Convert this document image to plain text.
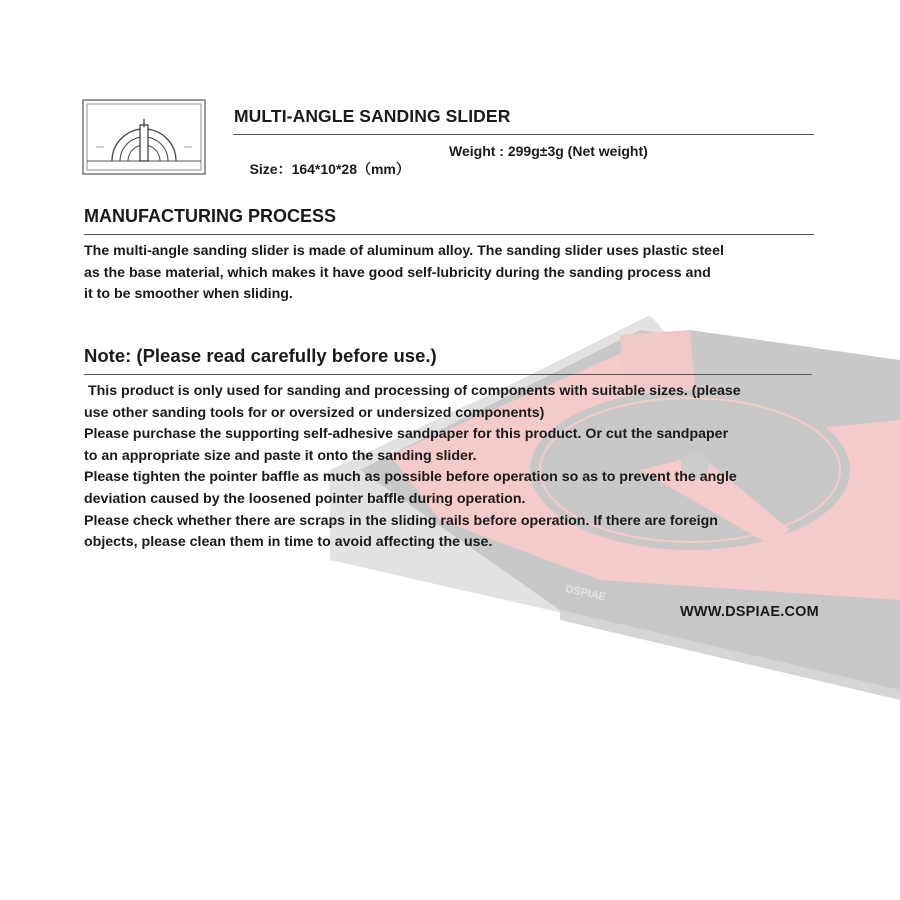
DSPIAE
MULTI-ANGLE SANDING SLIDER

Size：164*10*28（mm）

Weight : 299g±3g (Net weight)

MANUFACTURING PROCESS
The multi-angle sanding slider is made of aluminum alloy. The sanding slider uses plastic steel
as the base material, which makes it have good self-lubricity during the sanding process and
it to be smoother when sliding.
Note: (Please read carefully before use.)
This product is only used for sanding and processing of components with suitable sizes. (please
use other sanding tools for or oversized or undersized components)
Please purchase the supporting self-adhesive sandpaper for this product. Or cut the sandpaper
to an appropriate size and paste it onto the sanding slider.
Please tighten the pointer baffle as much as possible before operation so as to prevent the angle
deviation caused by the loosened pointer baffle during operation.
Please check whether there are scraps in the sliding rails before operation. If there are foreign
objects, please clean them in time to avoid affecting the use.
WWW.DSPIAE.COM
